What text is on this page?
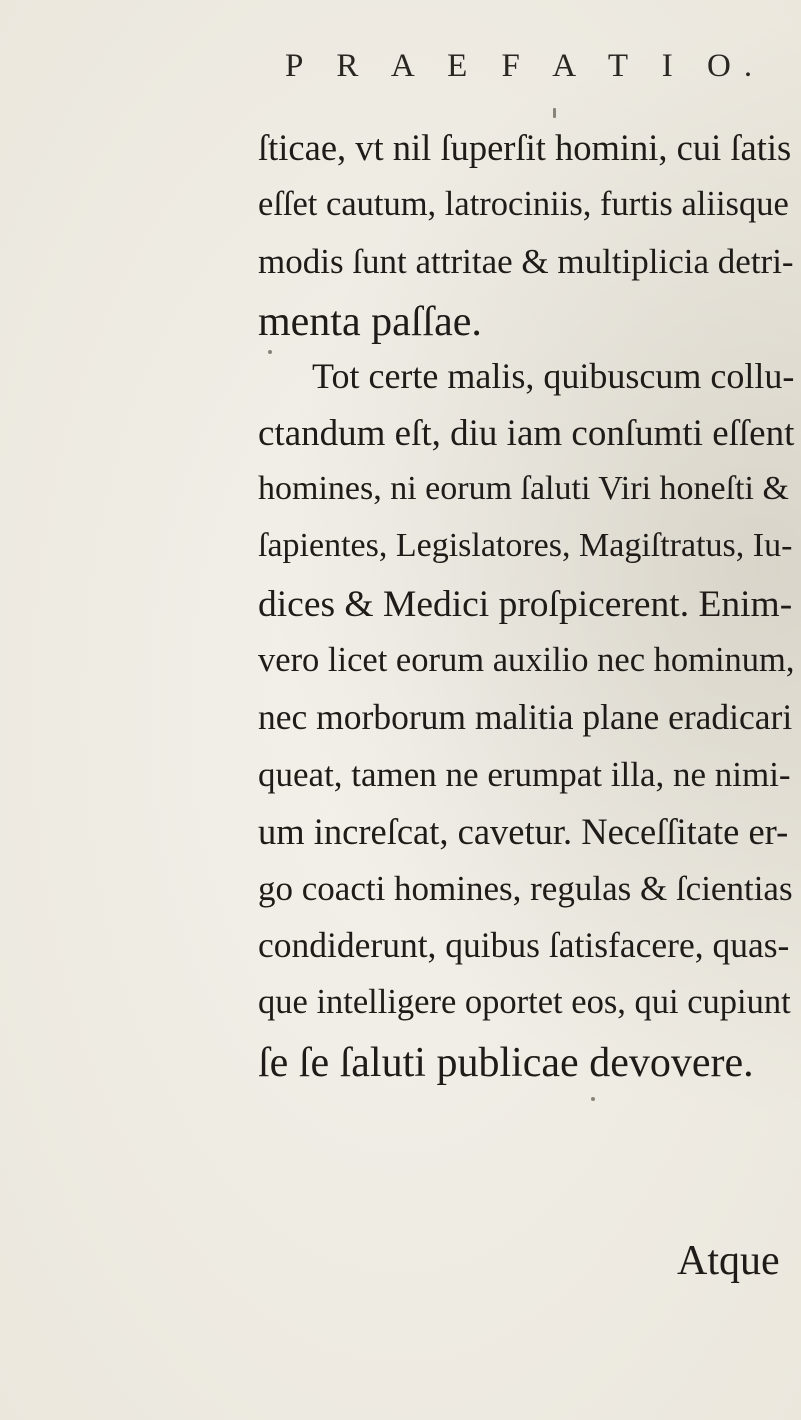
P R A E F A T I O.
ſticae, vt nil ſuperſit homini, cui ſatis
eſſet cautum, latrociniis, furtis aliisque
modis ſunt attritae & multiplicia detri-
menta paſſae.
Tot certe malis, quibuscum collu-
ctandum eſt, diu iam conſumti eſſent
homines, ni eorum ſaluti Viri honeſti &
ſapientes, Legislatores, Magiſtratus, Iu-
dices & Medici proſpicerent. Enim-
vero licet eorum auxilio nec hominum,
nec morborum malitia plane eradicari
queat, tamen ne erumpat illa, ne nimi-
um increſcat, cavetur. Neceſſitate er-
go coacti homines, regulas & ſcientias
condiderunt, quibus ſatisfacere, quas-
que intelligere oportet eos, qui cupiunt
ſe ſe ſaluti publicae devovere.
Atque
